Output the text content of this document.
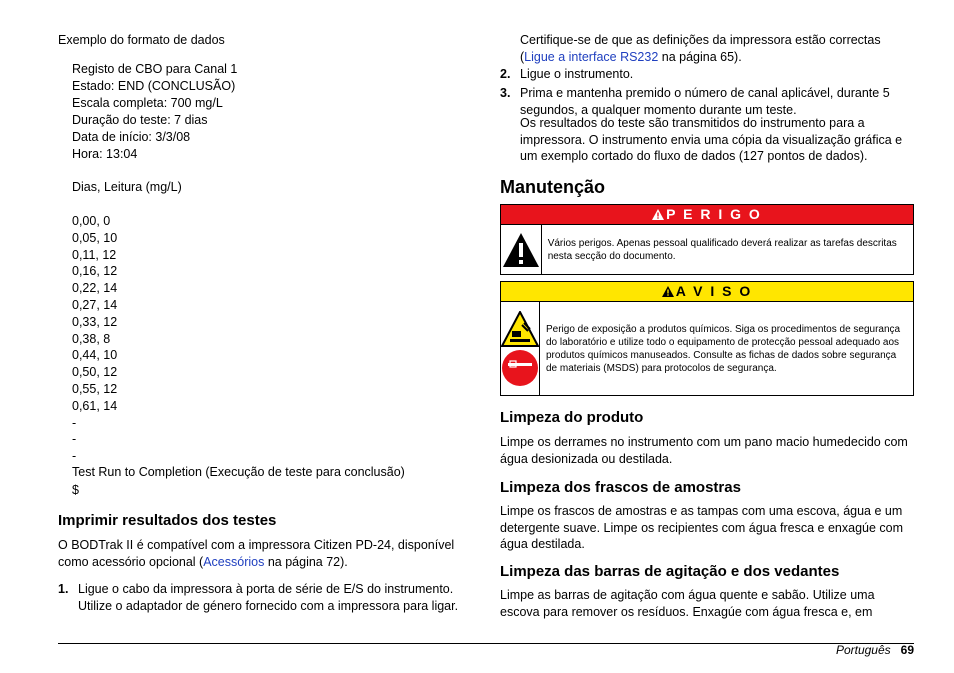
Exemplo do formato de dados
Registo de CBO para Canal 1
Estado: END (CONCLUSÃO)
Escala completa: 700 mg/L
Duração do teste: 7 dias
Data de início: 3/3/08
Hora: 13:04
Dias, Leitura (mg/L)
0,00, 0
0,05, 10
0,11, 12
0,16, 12
0,22, 14
0,27, 14
0,33, 12
0,38, 8
0,44, 10
0,50, 12
0,55, 12
0,61, 14
-
-
-
Test Run to Completion (Execução de teste para conclusão)
$
Imprimir resultados dos testes
O BODTrak II é compatível com a impressora Citizen PD-24, disponível como acessório opcional (Acessórios na página 72).
1. Ligue o cabo da impressora à porta de série de E/S do instrumento. Utilize o adaptador de género fornecido com a impressora para ligar.
Certifique-se de que as definições da impressora estão correctas (Ligue a interface RS232 na página 65).
2. Ligue o instrumento.
3. Prima e mantenha premido o número de canal aplicável, durante 5 segundos, a qualquer momento durante um teste.
Os resultados do teste são transmitidos do instrumento para a impressora. O instrumento envia uma cópia da visualização gráfica e um exemplo cortado do fluxo de dados (127 pontos de dados).
Manutenção
P E R I G O
Vários perigos. Apenas pessoal qualificado deverá realizar as tarefas descritas nesta secção do documento.
A V I S O
Perigo de exposição a produtos químicos. Siga os procedimentos de segurança do laboratório e utilize todo o equipamento de protecção pessoal adequado aos produtos químicos manuseados. Consulte as fichas de dados sobre segurança de materiais (MSDS) para protocolos de segurança.
Limpeza do produto
Limpe os derrames no instrumento com um pano macio humedecido com água desionizada ou destilada.
Limpeza dos frascos de amostras
Limpe os frascos de amostras e as tampas com uma escova, água e um detergente suave. Limpe os recipientes com água fresca e enxagúe com água destilada.
Limpeza das barras de agitação e dos vedantes
Limpe as barras de agitação com água quente e sabão. Utilize uma escova para remover os resíduos. Enxagúe com água fresca e, em
Português 69
